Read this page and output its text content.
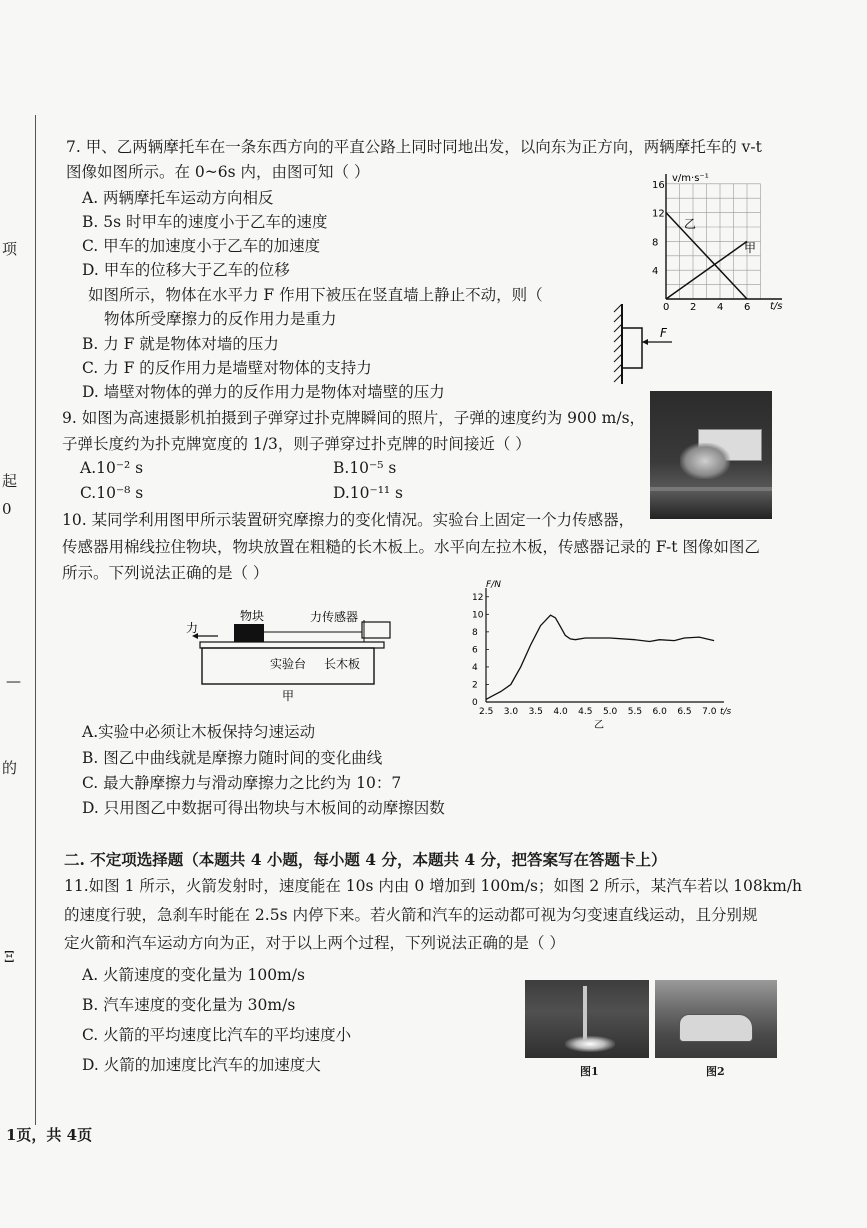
项
起
0
—
的
Ξ
7. 甲、乙两辆摩托车在一条东西方向的平直公路上同时同地出发，以向东为正方向，两辆摩托车的 v-t
图像如图所示。在 0~6s 内，由图可知（ ）
A. 两辆摩托车运动方向相反
B. 5s 时甲车的速度小于乙车的速度
C. 甲车的加速度小于乙车的加速度
D. 甲车的位移大于乙车的位移
v/m·s⁻¹
t/s
乙
甲
16
12
8
4
0 2 4 6
如图所示，物体在水平力 F 作用下被压在竖直墙上静止不动，则（
物体所受摩擦力的反作用力是重力
B. 力 F 就是物体对墙的压力
C. 力 F 的反作用力是墙壁对物体的支持力
D. 墙壁对物体的弹力的反作用力是物体对墙壁的压力
F
9. 如图为高速摄影机拍摄到子弹穿过扑克牌瞬间的照片，子弹的速度约为 900 m/s，
子弹长度约为扑克牌宽度的 1/3，则子弹穿过扑克牌的时间接近（ ）
A.10⁻² s	B.10⁻⁵ s
C.10⁻⁸ s	D.10⁻¹¹ s
10. 某同学利用图甲所示装置研究摩擦力的变化情况。实验台上固定一个力传感器，
传感器用棉线拉住物块，物块放置在粗糙的长木板上。水平向左拉木板，传感器记录的 F-t 图像如图乙
所示。下列说法正确的是（ ）
物块	力传感器
力
实验台 长木板
甲
F/N
t/s
乙
12
10
8
6
4
2
0
2.5 3.0 3.5 4.0 4.5 5.0 5.5 6.0 6.5 7.0
A.实验中必须让木板保持匀速运动
B. 图乙中曲线就是摩擦力随时间的变化曲线
C. 最大静摩擦力与滑动摩擦力之比约为 10：7
D. 只用图乙中数据可得出物块与木板间的动摩擦因数
二. 不定项选择题（本题共 4 小题，每小题 4 分，本题共 4 分，把答案写在答题卡上）
11.如图 1 所示，火箭发射时，速度能在 10s 内由 0 增加到 100m/s；如图 2 所示，某汽车若以 108km/h
的速度行驶，急刹车时能在 2.5s 内停下来。若火箭和汽车的运动都可视为匀变速直线运动，且分别规
定火箭和汽车运动方向为正，对于以上两个过程，下列说法正确的是（ ）
A. 火箭速度的变化量为 100m/s
B. 汽车速度的变化量为 30m/s
C. 火箭的平均速度比汽车的平均速度小
D. 火箭的加速度比汽车的加速度大	图1	图2
1页，共 4页
